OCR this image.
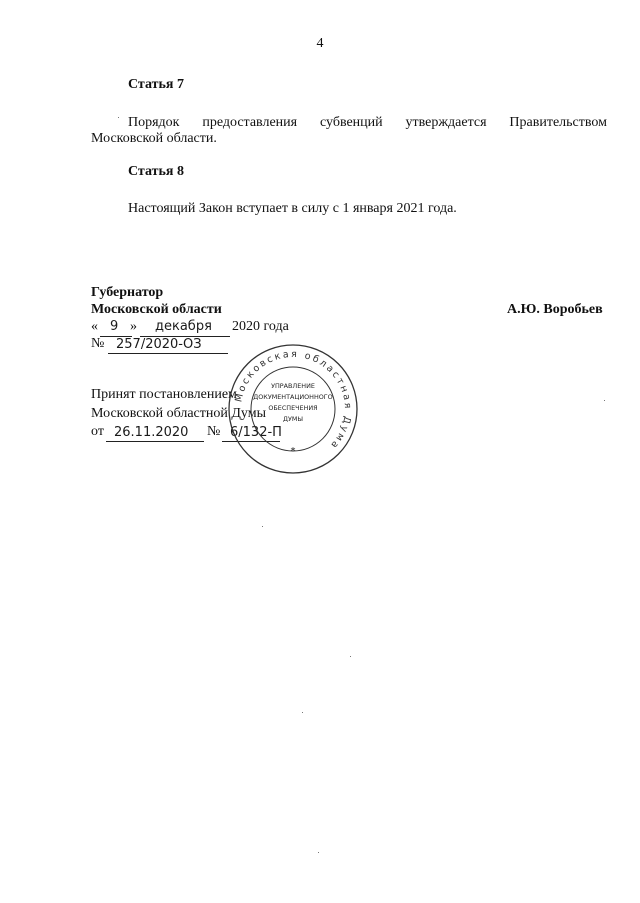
4
Статья 7
Порядок предоставления субвенций утверждается Правительством
Московской области.
Статья 8
Настоящий Закон вступает в силу с 1 января 2021 года.
Губернатор
Московской области	А.Ю. Воробьев
« 9 » декабря 2020 года
№ 257/2020-ОЗ
Принят постановлением
Московской областной Думы
от 26.11.2020 № 6/132-П
Московская областная Дума
УПРАВЛЕНИЕ
ДОКУМЕНТАЦИОННОГО
ОБЕСПЕЧЕНИЯ
ДУМЫ
*
